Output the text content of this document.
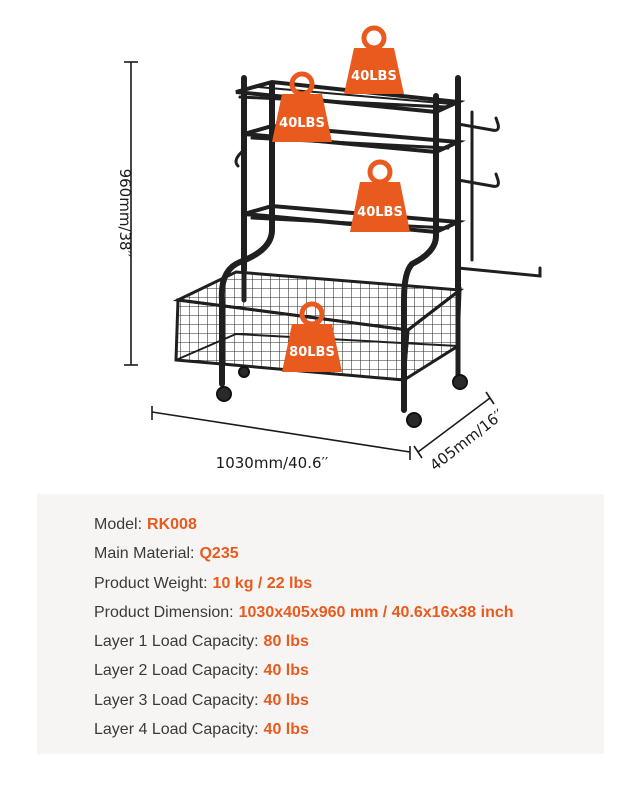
960mm/38′′
1030mm/40.6′′	405mm/16′′
40LBS
40LBS
40LBS
80LBS
Model: RK008
Main Material: Q235
Product Weight: 10 kg / 22 lbs
Product Dimension: 1030x405x960 mm / 40.6x16x38 inch
Layer 1 Load Capacity: 80 lbs
Layer 2 Load Capacity: 40 lbs
Layer 3 Load Capacity: 40 lbs
Layer 4 Load Capacity: 40 lbs
